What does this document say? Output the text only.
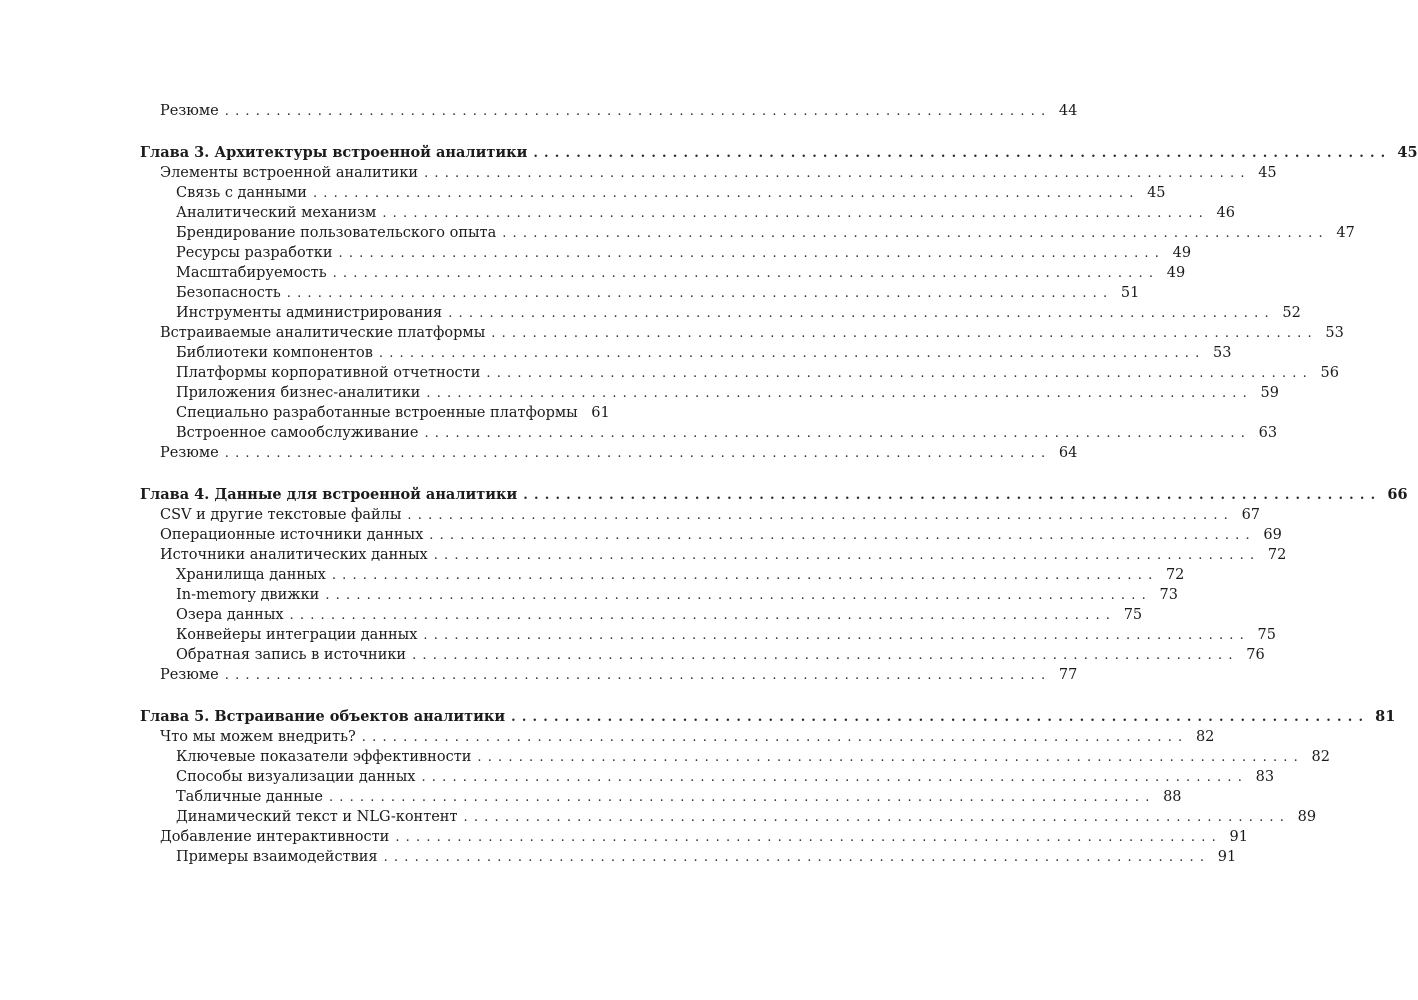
Резюме ................................................................................ 44
Глава 3. Архитектуры встроенной аналитики ................................................................................ 45
Элементы встроенной аналитики ................................................................................ 45
Связь с данными ................................................................................ 45
Аналитический механизм ................................................................................ 46
Брендирование пользовательского опыта ................................................................................ 47
Ресурсы разработки ................................................................................ 49
Масштабируемость ................................................................................ 49
Безопасность ................................................................................ 51
Инструменты администрирования ................................................................................ 52
Встраиваемые аналитические платформы ................................................................................ 53
Библиотеки компонентов ................................................................................ 53
Платформы корпоративной отчетности ................................................................................ 56
Приложения бизнес-аналитики ................................................................................ 59
Специально разработанные встроенные платформы 61
Встроенное самообслуживание ................................................................................ 63
Резюме ................................................................................ 64
Глава 4. Данные для встроенной аналитики ................................................................................ 66
CSV и другие текстовые файлы ................................................................................ 67
Операционные источники данных ................................................................................ 69
Источники аналитических данных ................................................................................ 72
Хранилища данных ................................................................................ 72
In-memory движки ................................................................................ 73
Озера данных ................................................................................ 75
Конвейеры интеграции данных ................................................................................ 75
Обратная запись в источники ................................................................................ 76
Резюме ................................................................................ 77
Глава 5. Встраивание объектов аналитики ................................................................................ 81
Что мы можем внедрить? ................................................................................ 82
Ключевые показатели эффективности ................................................................................ 82
Способы визуализации данных ................................................................................ 83
Табличные данные ................................................................................ 88
Динамический текст и NLG-контент ................................................................................ 89
Добавление интерактивности ................................................................................ 91
Примеры взаимодействия ................................................................................ 91
